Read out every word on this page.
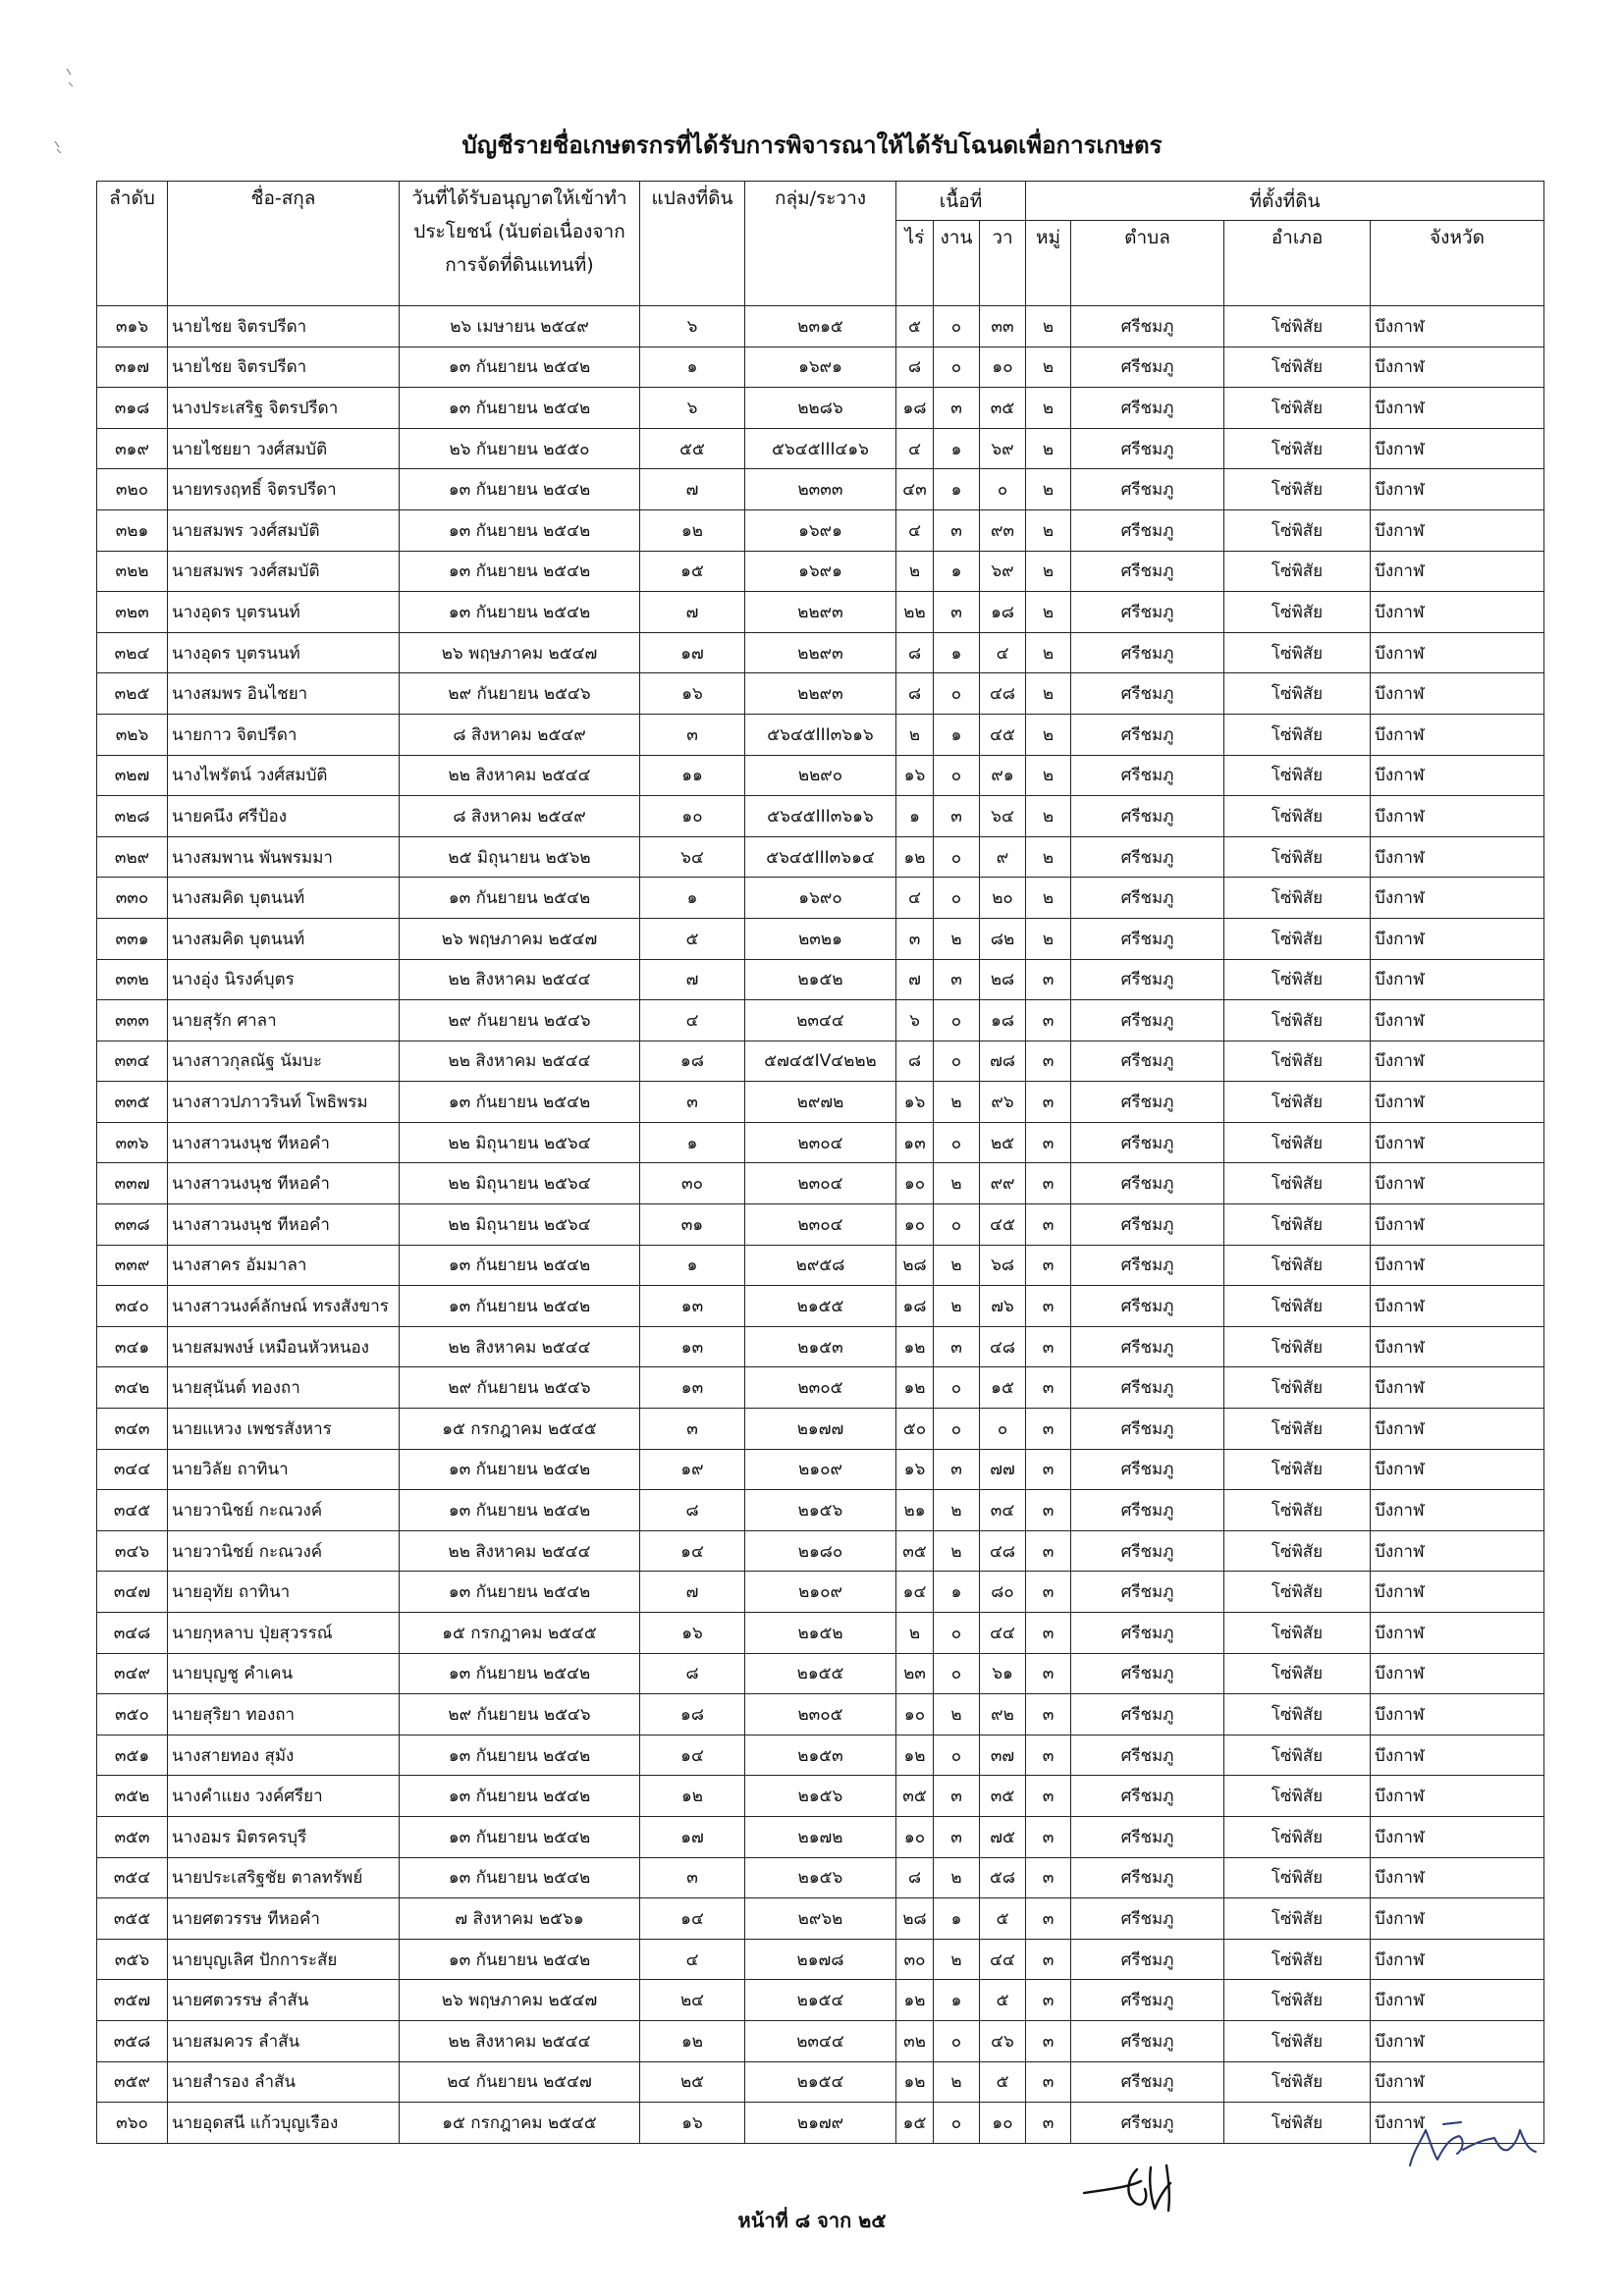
บัญชีรายชื่อเกษตรกรที่ได้รับการพิจารณาให้ได้รับโฉนดเพื่อการเกษตร
ลำดับ	ชื่อ-สกุล	วันที่ได้รับอนุญาตให้เข้าทำประโยชน์ (นับต่อเนื่องจากการจัดที่ดินแทนที่)	แปลงที่ดิน	กลุ่ม/ระวาง	เนื้อที่			ที่ตั้งที่ดิน			
					ไร่	งาน	วา	หมู่	ตำบล	อำเภอ	จังหวัด
๓๑๖	นายไชย จิตรปรีดา	๒๖ เมษายน ๒๕๔๙	๖	๒๓๑๕	๕	๐	๓๓	๒	ศรีชมภู	โซ่พิสัย	บึงกาฬ
๓๑๗	นายไชย จิตรปรีดา	๑๓ กันยายน ๒๕๔๒	๑	๑๖๙๑	๘	๐	๑๐	๒	ศรีชมภู	โซ่พิสัย	บึงกาฬ
๓๑๘	นางประเสริฐ จิตรปรีดา	๑๓ กันยายน ๒๕๔๒	๖	๒๒๘๖	๑๘	๓	๓๕	๒	ศรีชมภู	โซ่พิสัย	บึงกาฬ
๓๑๙	นายไชยยา วงศ์สมบัติ	๒๖ กันยายน ๒๕๕๐	๕๕	๕๖๔๕III๔๑๖	๔	๑	๖๙	๒	ศรีชมภู	โซ่พิสัย	บึงกาฬ
๓๒๐	นายทรงฤทธิ์ จิตรปรีดา	๑๓ กันยายน ๒๕๔๒	๗	๒๓๓๓	๔๓	๑	๐	๒	ศรีชมภู	โซ่พิสัย	บึงกาฬ
๓๒๑	นายสมพร วงศ์สมบัติ	๑๓ กันยายน ๒๕๔๒	๑๒	๑๖๙๑	๔	๓	๙๓	๒	ศรีชมภู	โซ่พิสัย	บึงกาฬ
๓๒๒	นายสมพร วงศ์สมบัติ	๑๓ กันยายน ๒๕๔๒	๑๕	๑๖๙๑	๒	๑	๖๙	๒	ศรีชมภู	โซ่พิสัย	บึงกาฬ
๓๒๓	นางอุดร บุตรนนท์	๑๓ กันยายน ๒๕๔๒	๗	๒๒๙๓	๒๒	๓	๑๘	๒	ศรีชมภู	โซ่พิสัย	บึงกาฬ
๓๒๔	นางอุดร บุตรนนท์	๒๖ พฤษภาคม ๒๕๔๗	๑๗	๒๒๙๓	๘	๑	๔	๒	ศรีชมภู	โซ่พิสัย	บึงกาฬ
๓๒๕	นางสมพร อินไชยา	๒๙ กันยายน ๒๕๔๖	๑๖	๒๒๙๓	๘	๐	๔๘	๒	ศรีชมภู	โซ่พิสัย	บึงกาฬ
๓๒๖	นายกาว จิตปรีดา	๘ สิงหาคม ๒๕๔๙	๓	๕๖๔๕III๓๖๑๖	๒	๑	๔๕	๒	ศรีชมภู	โซ่พิสัย	บึงกาฬ
๓๒๗	นางไพรัตน์ วงศ์สมบัติ	๒๒ สิงหาคม ๒๕๔๔	๑๑	๒๒๙๐	๑๖	๐	๙๑	๒	ศรีชมภู	โซ่พิสัย	บึงกาฬ
๓๒๘	นายคนึง ศรีป้อง	๘ สิงหาคม ๒๕๔๙	๑๐	๕๖๔๕III๓๖๑๖	๑	๓	๖๔	๒	ศรีชมภู	โซ่พิสัย	บึงกาฬ
๓๒๙	นางสมพาน พันพรมมา	๒๕ มิถุนายน ๒๕๖๒	๖๔	๕๖๔๕III๓๖๑๔	๑๒	๐	๙	๒	ศรีชมภู	โซ่พิสัย	บึงกาฬ
๓๓๐	นางสมคิด บุตนนท์	๑๓ กันยายน ๒๕๔๒	๑	๑๖๙๐	๔	๐	๒๐	๒	ศรีชมภู	โซ่พิสัย	บึงกาฬ
๓๓๑	นางสมคิด บุตนนท์	๒๖ พฤษภาคม ๒๕๔๗	๕	๒๓๒๑	๓	๒	๘๒	๒	ศรีชมภู	โซ่พิสัย	บึงกาฬ
๓๓๒	นางอุ่ง นิรงค์บุตร	๒๒ สิงหาคม ๒๕๔๔	๗	๒๑๕๒	๗	๓	๒๘	๓	ศรีชมภู	โซ่พิสัย	บึงกาฬ
๓๓๓	นายสุรัก ศาลา	๒๙ กันยายน ๒๕๔๖	๔	๒๓๔๔	๖	๐	๑๘	๓	ศรีชมภู	โซ่พิสัย	บึงกาฬ
๓๓๔	นางสาวกุลณัฐ นัมบะ	๒๒ สิงหาคม ๒๕๔๔	๑๘	๕๗๔๕IV๔๒๒๒	๘	๐	๗๘	๓	ศรีชมภู	โซ่พิสัย	บึงกาฬ
๓๓๕	นางสาวปภาวรินท์ โพธิพรม	๑๓ กันยายน ๒๕๔๒	๓	๒๙๗๒	๑๖	๒	๙๖	๓	ศรีชมภู	โซ่พิสัย	บึงกาฬ
๓๓๖	นางสาวนงนุช ทีหอคำ	๒๒ มิถุนายน ๒๕๖๔	๑	๒๓๐๔	๑๓	๐	๒๕	๓	ศรีชมภู	โซ่พิสัย	บึงกาฬ
๓๓๗	นางสาวนงนุช ทีหอคำ	๒๒ มิถุนายน ๒๕๖๔	๓๐	๒๓๐๔	๑๐	๒	๙๙	๓	ศรีชมภู	โซ่พิสัย	บึงกาฬ
๓๓๘	นางสาวนงนุช ทีหอคำ	๒๒ มิถุนายน ๒๕๖๔	๓๑	๒๓๐๔	๑๐	๐	๔๕	๓	ศรีชมภู	โซ่พิสัย	บึงกาฬ
๓๓๙	นางสาคร อัมมาลา	๑๓ กันยายน ๒๕๔๒	๑	๒๙๕๘	๒๘	๒	๖๘	๓	ศรีชมภู	โซ่พิสัย	บึงกาฬ
๓๔๐	นางสาวนงค์ลักษณ์ ทรงสังขาร	๑๓ กันยายน ๒๕๔๒	๑๓	๒๑๕๕	๑๘	๒	๗๖	๓	ศรีชมภู	โซ่พิสัย	บึงกาฬ
๓๔๑	นายสมพงษ์ เหมือนหัวหนอง	๒๒ สิงหาคม ๒๕๔๔	๑๓	๒๑๕๓	๑๒	๓	๔๘	๓	ศรีชมภู	โซ่พิสัย	บึงกาฬ
๓๔๒	นายสุนันต์ ทองถา	๒๙ กันยายน ๒๕๔๖	๑๓	๒๓๐๕	๑๒	๐	๑๕	๓	ศรีชมภู	โซ่พิสัย	บึงกาฬ
๓๔๓	นายแหวง เพชรสังหาร	๑๕ กรกฎาคม ๒๕๔๕	๓	๒๑๗๗	๕๐	๐	๐	๓	ศรีชมภู	โซ่พิสัย	บึงกาฬ
๓๔๔	นายวิลัย ถาทินา	๑๓ กันยายน ๒๕๔๒	๑๙	๒๑๐๙	๑๖	๓	๗๗	๓	ศรีชมภู	โซ่พิสัย	บึงกาฬ
๓๔๕	นายวานิชย์ กะณวงค์	๑๓ กันยายน ๒๕๔๒	๘	๒๑๕๖	๒๑	๒	๓๔	๓	ศรีชมภู	โซ่พิสัย	บึงกาฬ
๓๔๖	นายวานิชย์ กะณวงค์	๒๒ สิงหาคม ๒๕๔๔	๑๔	๒๑๘๐	๓๕	๒	๔๘	๓	ศรีชมภู	โซ่พิสัย	บึงกาฬ
๓๔๗	นายอุทัย ถาทินา	๑๓ กันยายน ๒๕๔๒	๗	๒๑๐๙	๑๔	๑	๘๐	๓	ศรีชมภู	โซ่พิสัย	บึงกาฬ
๓๔๘	นายกุหลาบ ปุ่ยสุวรรณ์	๑๕ กรกฎาคม ๒๕๔๕	๑๖	๒๑๕๒	๒	๐	๔๔	๓	ศรีชมภู	โซ่พิสัย	บึงกาฬ
๓๔๙	นายบุญชู คำเคน	๑๓ กันยายน ๒๕๔๒	๘	๒๑๕๕	๒๓	๐	๖๑	๓	ศรีชมภู	โซ่พิสัย	บึงกาฬ
๓๕๐	นายสุริยา ทองถา	๒๙ กันยายน ๒๕๔๖	๑๘	๒๓๐๕	๑๐	๒	๙๒	๓	ศรีชมภู	โซ่พิสัย	บึงกาฬ
๓๕๑	นางสายทอง สุมัง	๑๓ กันยายน ๒๕๔๒	๑๔	๒๑๕๓	๑๒	๐	๓๗	๓	ศรีชมภู	โซ่พิสัย	บึงกาฬ
๓๕๒	นางคำแยง วงค์ศรียา	๑๓ กันยายน ๒๕๔๒	๑๒	๒๑๕๖	๓๕	๓	๓๕	๓	ศรีชมภู	โซ่พิสัย	บึงกาฬ
๓๕๓	นางอมร มิตรครบุรี	๑๓ กันยายน ๒๕๔๒	๑๗	๒๑๗๒	๑๐	๓	๗๕	๓	ศรีชมภู	โซ่พิสัย	บึงกาฬ
๓๕๔	นายประเสริฐชัย ตาลทรัพย์	๑๓ กันยายน ๒๕๔๒	๓	๒๑๕๖	๘	๒	๕๘	๓	ศรีชมภู	โซ่พิสัย	บึงกาฬ
๓๕๕	นายศตวรรษ ทีหอคำ	๗ สิงหาคม ๒๕๖๑	๑๔	๒๙๖๒	๒๘	๑	๕	๓	ศรีชมภู	โซ่พิสัย	บึงกาฬ
๓๕๖	นายบุญเลิศ ปักการะสัย	๑๓ กันยายน ๒๕๔๒	๔	๒๑๗๘	๓๐	๒	๔๔	๓	ศรีชมภู	โซ่พิสัย	บึงกาฬ
๓๕๗	นายศตวรรษ ลำสัน	๒๖ พฤษภาคม ๒๕๔๗	๒๔	๒๑๕๔	๑๒	๑	๕	๓	ศรีชมภู	โซ่พิสัย	บึงกาฬ
๓๕๘	นายสมควร ลำสัน	๒๒ สิงหาคม ๒๕๔๔	๑๒	๒๓๔๔	๓๒	๐	๔๖	๓	ศรีชมภู	โซ่พิสัย	บึงกาฬ
๓๕๙	นายสำรอง ลำสัน	๒๔ กันยายน ๒๕๔๗	๒๕	๒๑๕๔	๑๒	๒	๕	๓	ศรีชมภู	โซ่พิสัย	บึงกาฬ
๓๖๐	นายอุดสนี แก้วบุญเรือง	๑๕ กรกฎาคม ๒๕๔๕	๑๖	๒๑๗๙	๑๕	๐	๑๐	๓	ศรีชมภู	โซ่พิสัย	บึงกาฬ
หน้าที่ ๘ จาก ๒๕
